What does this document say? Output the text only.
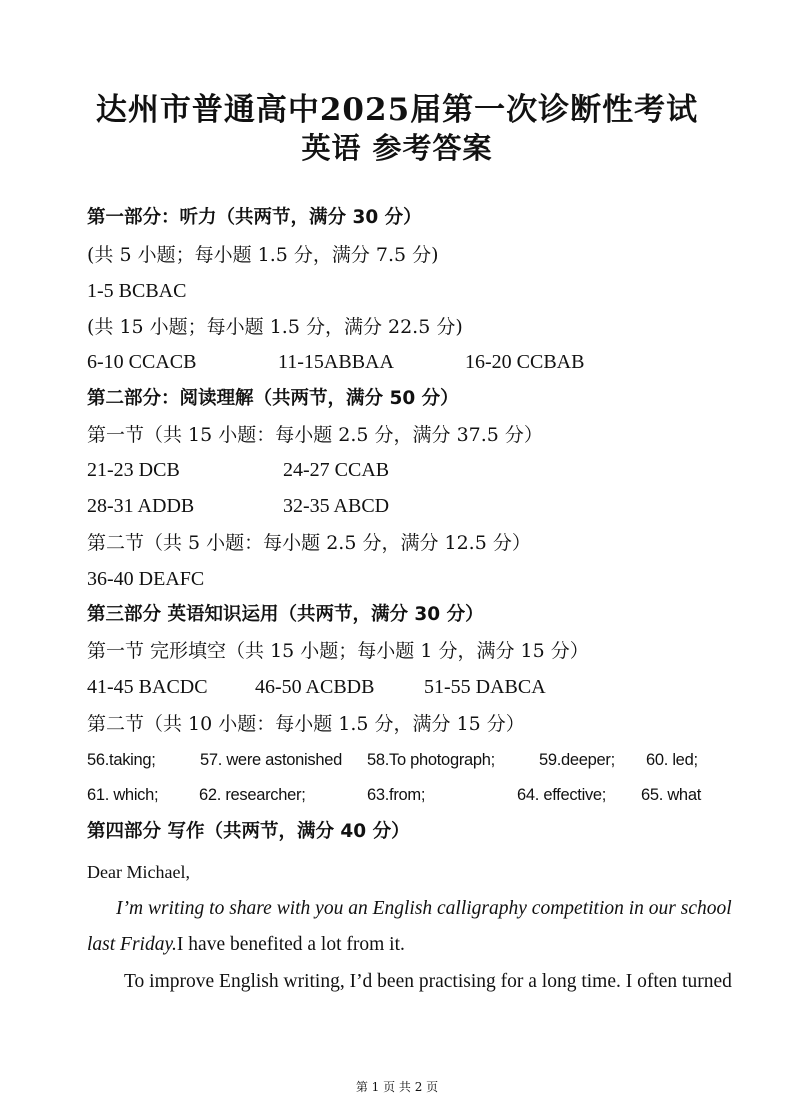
达州市普通高中2025届第一次诊断性考试
英语 参考答案
第一部分：听力（共两节，满分 30 分）
(共 5 小题；每小题 1.5 分，满分 7.5 分)
1-5 BCBAC
(共 15 小题；每小题 1.5 分，满分 22.5 分)
6-10 CCACB	11-15ABBAA	16-20 CCBAB
第二部分：阅读理解（共两节，满分 50 分）
第一节（共 15 小题：每小题 2.5 分，满分 37.5 分）
21-23 DCB	24-27 CCAB
28-31 ADDB	32-35 ABCD
第二节（共 5 小题：每小题 2.5 分，满分 12.5 分）
36-40 DEAFC
第三部分 英语知识运用（共两节，满分 30 分）
第一节 完形填空（共 15 小题；每小题 1 分，满分 15 分）
41-45 BACDC 46-50 ACBDB 51-55 DABCA
第二节（共 10 小题：每小题 1.5 分，满分 15 分）
56.taking;	57. were astonished 58.To photograph;	59.deeper; 60. led;
61. which; 62. researcher;	63.from;	64. effective; 65. what
第四部分 写作（共两节，满分 40 分）
Dear Michael,
I’m writing to share with you an English calligraphy competition in our school
last Friday.I have benefited a lot from it.
To improve English writing, I’d been practising for a long time. I often turned
第 1 页 共 2 页
